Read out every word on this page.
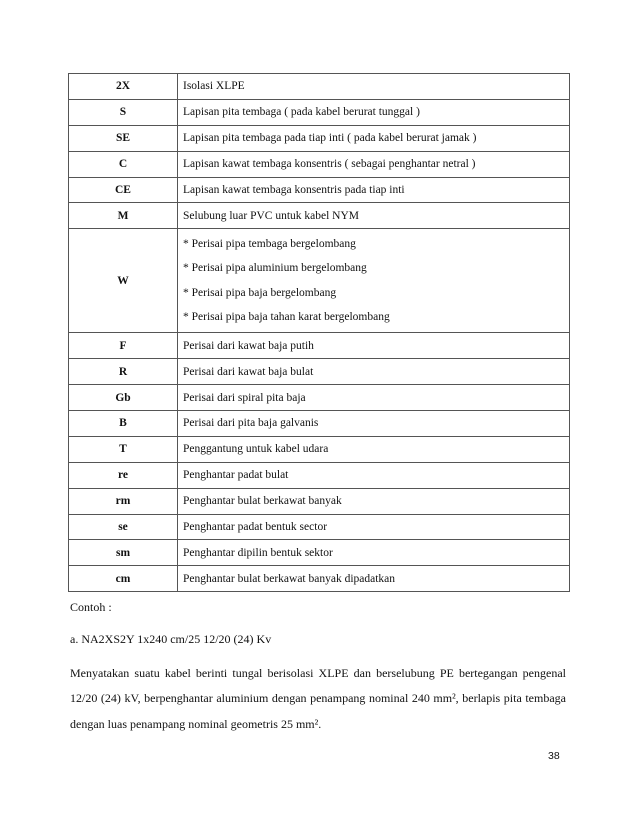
2X	Isolasi XLPE
S	Lapisan pita tembaga ( pada kabel berurat tunggal )
SE	Lapisan pita tembaga pada tiap inti ( pada kabel berurat jamak )
C	Lapisan kawat tembaga konsentris ( sebagai penghantar netral )
CE	Lapisan kawat tembaga konsentris pada tiap inti
M	Selubung luar PVC untuk kabel NYM
W	* Perisai pipa tembaga bergelombang
* Perisai pipa aluminium bergelombang
* Perisai pipa baja bergelombang
* Perisai pipa baja tahan karat bergelombang

F	Perisai dari kawat baja putih
R	Perisai dari kawat baja bulat
Gb	Perisai dari spiral pita baja
B	Perisai dari pita baja galvanis
T	Penggantung untuk kabel udara
re	Penghantar padat bulat
rm	Penghantar bulat berkawat banyak
se	Penghantar padat bentuk sector
sm	Penghantar dipilin bentuk sektor
cm	Penghantar bulat berkawat banyak dipadatkan
Contoh :
a. NA2XS2Y 1x240 cm/25 12/20 (24) Kv
Menyatakan suatu kabel berinti tungal berisolasi XLPE dan berselubung PE bertegangan pengenal 12/20 (24) kV, berpenghantar aluminium dengan penampang nominal 240 mm², berlapis pita tembaga dengan luas penampang nominal geometris 25 mm².
38
